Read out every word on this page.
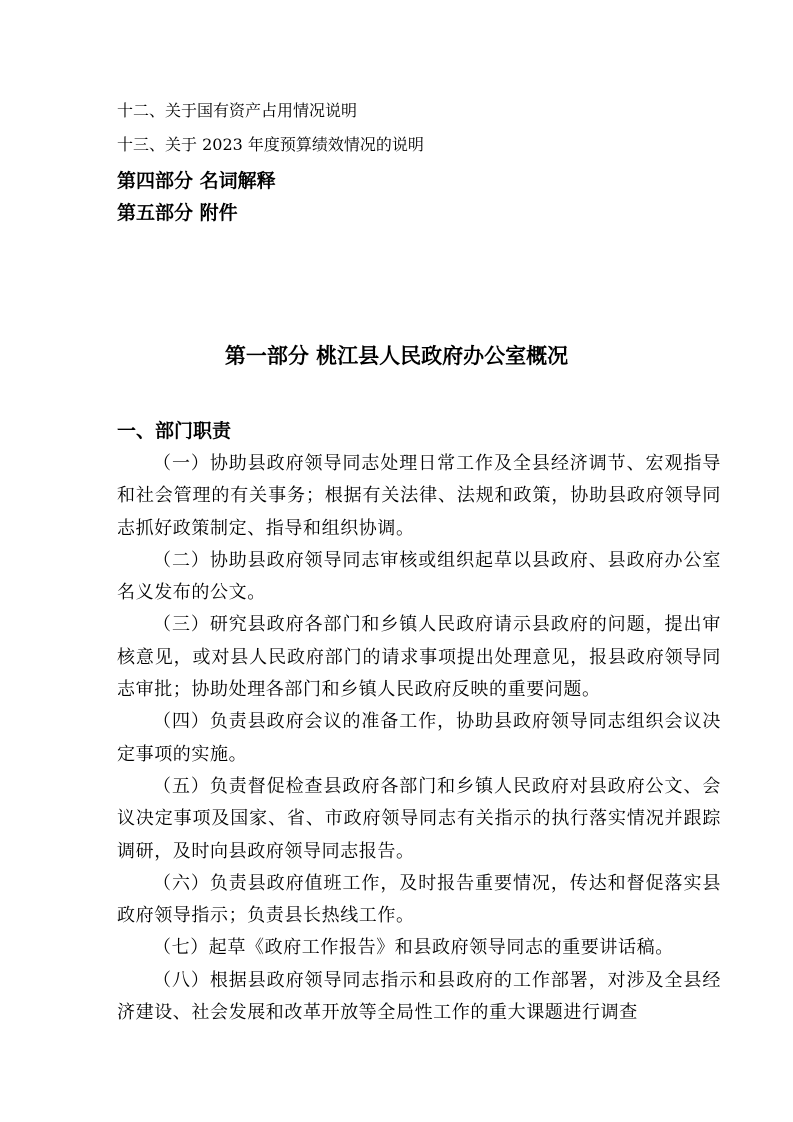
十二、关于国有资产占用情况说明
十三、关于 2023 年度预算绩效情况的说明
第四部分 名词解释
第五部分 附件
第一部分 桃江县人民政府办公室概况
一、部门职责

（一）协助县政府领导同志处理日常工作及全县经济调节、宏观指导和社会管理的有关事务；根据有关法律、法规和政策，协助县政府领导同志抓好政策制定、指导和组织协调。

（二）协助县政府领导同志审核或组织起草以县政府、县政府办公室名义发布的公文。

（三）研究县政府各部门和乡镇人民政府请示县政府的问题，提出审核意见，或对县人民政府部门的请求事项提出处理意见，报县政府领导同志审批；协助处理各部门和乡镇人民政府反映的重要问题。

（四）负责县政府会议的准备工作，协助县政府领导同志组织会议决定事项的实施。

（五）负责督促检查县政府各部门和乡镇人民政府对县政府公文、会议决定事项及国家、省、市政府领导同志有关指示的执行落实情况并跟踪调研，及时向县政府领导同志报告。

（六）负责县政府值班工作，及时报告重要情况，传达和督促落实县政府领导指示；负责县长热线工作。

（七）起草《政府工作报告》和县政府领导同志的重要讲话稿。

（八）根据县政府领导同志指示和县政府的工作部署，对涉及全县经济建设、社会发展和改革开放等全局性工作的重大课题进行调查
